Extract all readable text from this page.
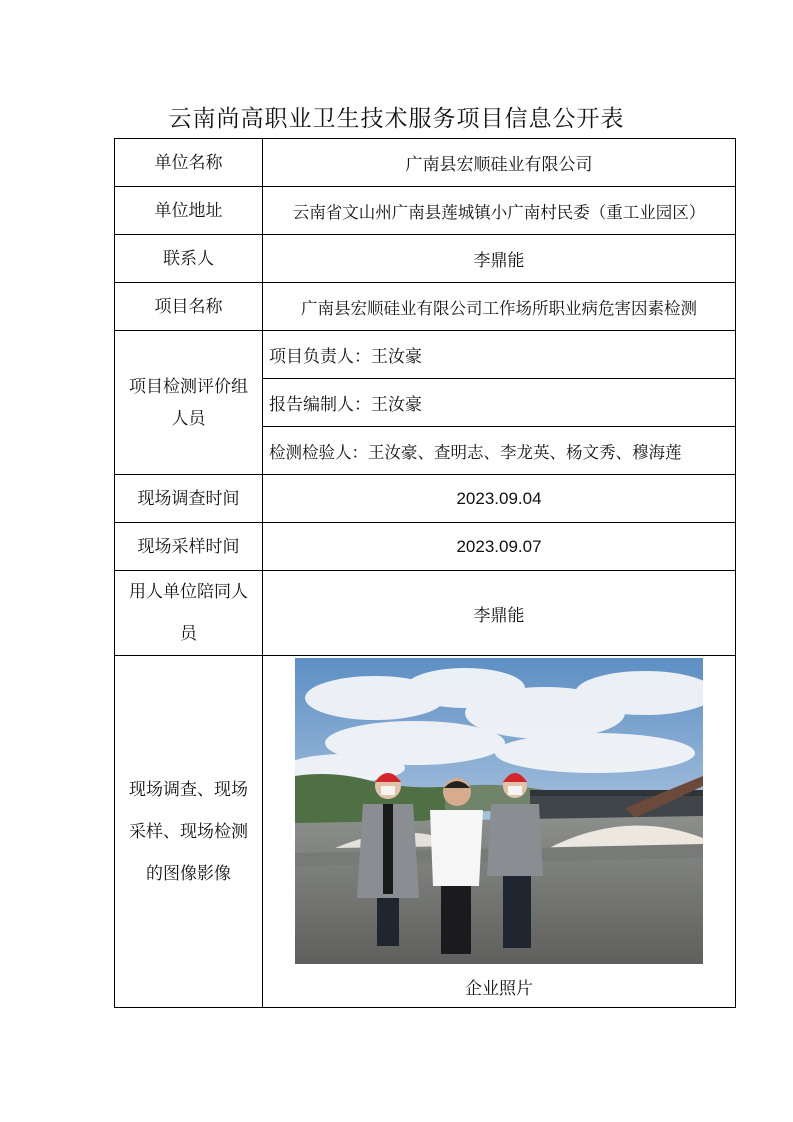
云南尚高职业卫生技术服务项目信息公开表
单位名称	广南县宏顺硅业有限公司
单位地址	云南省文山州广南县莲城镇小广南村民委（重工业园区）
联系人	李鼎能
项目名称	广南县宏顺硅业有限公司工作场所职业病危害因素检测
项目检测评价组人员	项目负责人：王汝豪
	报告编制人：王汝豪
	检测检验人：王汝豪、查明志、李龙英、杨文秀、穆海莲
现场调查时间	2023.09.04
现场采样时间	2023.09.07
用人单位陪同人员	李鼎能
现场调查、现场采样、现场检测的图像影像	企业照片
